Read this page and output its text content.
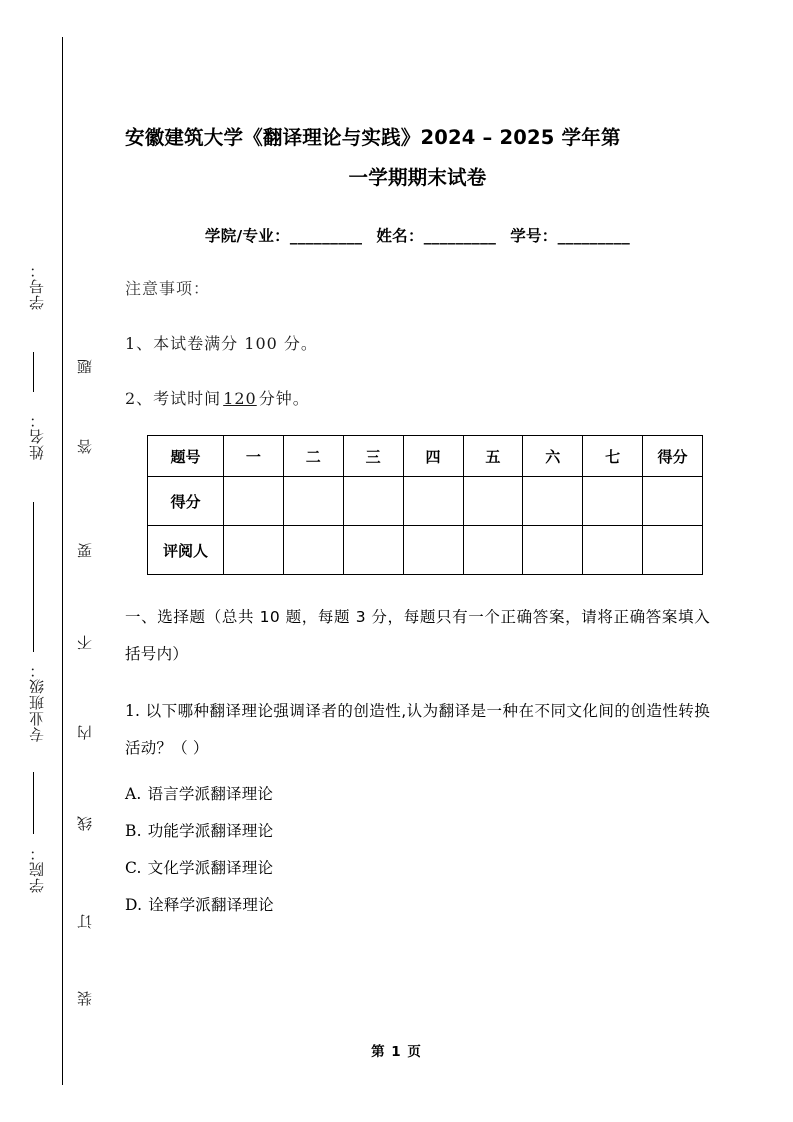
学号：
姓名：
专业班级：
学院：
题
答
要
不
内
线
订
装
安徽建筑大学《翻译理论与实践》2024 – 2025 学年第
一学期期末试卷

学院/专业：_________ 姓名：_________ 学号：_________

注意事项：

1、本试卷满分 100 分。

2、考试时间 120 分钟。

题号	一	二	三	四	五	六	七	得分
得分								
评阅人								

一、选择题（总共 10 题，每题 3 分，每题只有一个正确答案，请将正确答案填入括号内）

1. 以下哪种翻译理论强调译者的创造性,认为翻译是一种在不同文化间的创造性转换活动？（ ）

A. 语言学派翻译理论

B. 功能学派翻译理论

C. 文化学派翻译理论

D. 诠释学派翻译理论

第 1 页
